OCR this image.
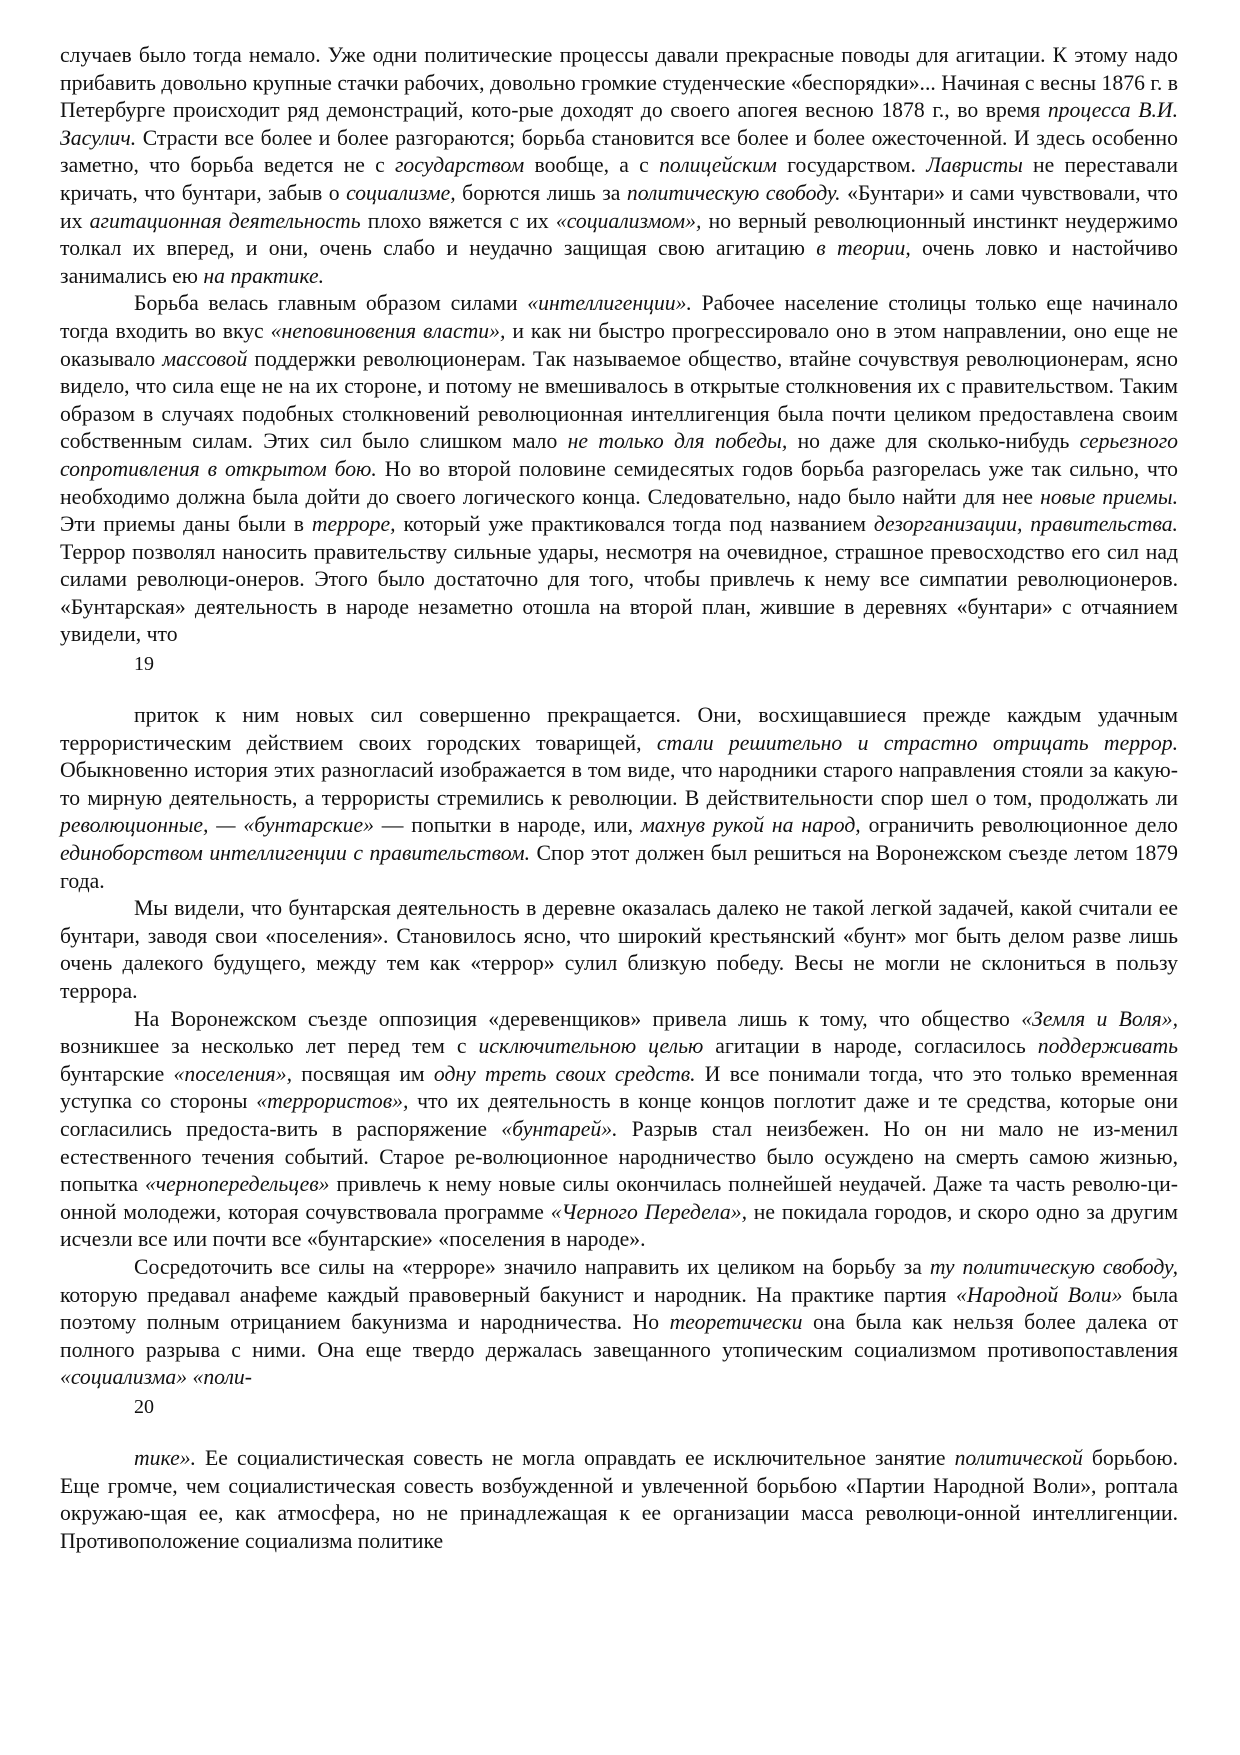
случаев было тогда немало. Уже одни политические процессы давали прекрасные поводы для агитации. К этому надо прибавить довольно крупные стачки рабочих, довольно громкие студенческие «беспорядки»... Начиная с весны 1876 г. в Петербурге происходит ряд демонстраций, кото-рые доходят до своего апогея весною 1878 г., во время процесса В.И. Засулич. Страсти все более и более разгораются; борьба становится все более и более ожесточенной. И здесь особенно заметно, что борьба ведется не с государством вообще, а с полицейским государством. Лавристы не переставали кричать, что бунтари, забыв о социализме, борются лишь за политическую свободу. «Бунтари» и сами чувствовали, что их агитационная деятельность плохо вяжется с их «социализмом», но верный революционный инстинкт неудержимо толкал их вперед, и они, очень слабо и неудачно защищая свою агитацию в теории, очень ловко и настойчиво занимались ею на практике.

Борьба велась главным образом силами «интеллигенции». Рабочее население столицы только еще начинало тогда входить во вкус «неповиновения власти», и как ни быстро прогрессировало оно в этом направлении, оно еще не оказывало массовой поддержки революционерам. Так называемое общество, втайне сочувствуя революционерам, ясно видело, что сила еще не на их стороне, и потому не вмешивалось в открытые столкновения их с правительством. Таким образом в случаях подобных столкновений революционная интеллигенция была почти целиком предоставлена своим собственным силам. Этих сил было слишком мало не только для победы, но даже для сколько-нибудь серьезного сопротивления в открытом бою. Но во второй половине семидесятых годов борьба разгорелась уже так сильно, что необходимо должна была дойти до своего логического конца. Следовательно, надо было найти для нее новые приемы. Эти приемы даны были в терроре, который уже практиковался тогда под названием дезорганизации, правительства. Террор позволял наносить правительству сильные удары, несмотря на очевидное, страшное превосходство его сил над силами революци-онеров. Этого было достаточно для того, чтобы привлечь к нему все симпатии революционеров. «Бунтарская» деятельность в народе незаметно отошла на второй план, жившие в деревнях «бунтари» с отчаянием увидели, что

19

приток к ним новых сил совершенно прекращается. Они, восхищавшиеся прежде каждым удачным террористическим действием своих городских товарищей, стали решительно и страстно отрицать террор. Обыкновенно история этих разногласий изображается в том виде, что народники старого направления стояли за какую-то мирную деятельность, а террористы стремились к революции. В действительности спор шел о том, продолжать ли революционные, — «бунтарские» — попытки в народе, или, махнув рукой на народ, ограничить революционное дело единоборством интеллигенции с правительством. Спор этот должен был решиться на Воронежском съезде летом 1879 года.

Мы видели, что бунтарская деятельность в деревне оказалась далеко не такой легкой задачей, какой считали ее бунтари, заводя свои «поселения». Становилось ясно, что широкий крестьянский «бунт» мог быть делом разве лишь очень далекого будущего, между тем как «террор» сулил близкую победу. Весы не могли не склониться в пользу террора.

На Воронежском съезде оппозиция «деревенщиков» привела лишь к тому, что общество «Земля и Воля», возникшее за несколько лет перед тем с исключительною целью агитации в народе, согласилось поддерживать бунтарские «поселения», посвящая им одну треть своих средств. И все понимали тогда, что это только временная уступка со стороны «террористов», что их деятельность в конце концов поглотит даже и те средства, которые они согласились предоста-вить в распоряжение «бунтарей». Разрыв стал неизбежен. Но он ни мало не из-менил естественного течения событий. Старое ре-волюционное народничество было осуждено на смерть самою жизнью, попытка «чернопередельцев» привлечь к нему новые силы окончилась полнейшей неудачей. Даже та часть револю-ци-онной молодежи, которая сочувствовала программе «Черного Передела», не покидала городов, и скоро одно за другим исчезли все или почти все «бунтарские» «поселения в народе».

Сосредоточить все силы на «терроре» значило направить их целиком на борьбу за ту политическую свободу, которую предавал анафеме каждый правоверный бакунист и народник. На практике партия «Народной Воли» была поэтому полным отрицанием бакунизма и народничества. Но теоретически она была как нельзя более далека от полного разрыва с ними. Она еще твердо держалась завещанного утопическим социализмом противопоставления «социализма» «поли-

20

тике». Ее социалистическая совесть не могла оправдать ее исключительное занятие политической борьбою. Еще громче, чем социалистическая совесть возбужденной и увлеченной борьбою «Партии Народной Воли», роптала окружаю-щая ее, как атмосфера, но не принадлежащая к ее организации масса революци-онной интеллигенции. Противоположение социализма политике
